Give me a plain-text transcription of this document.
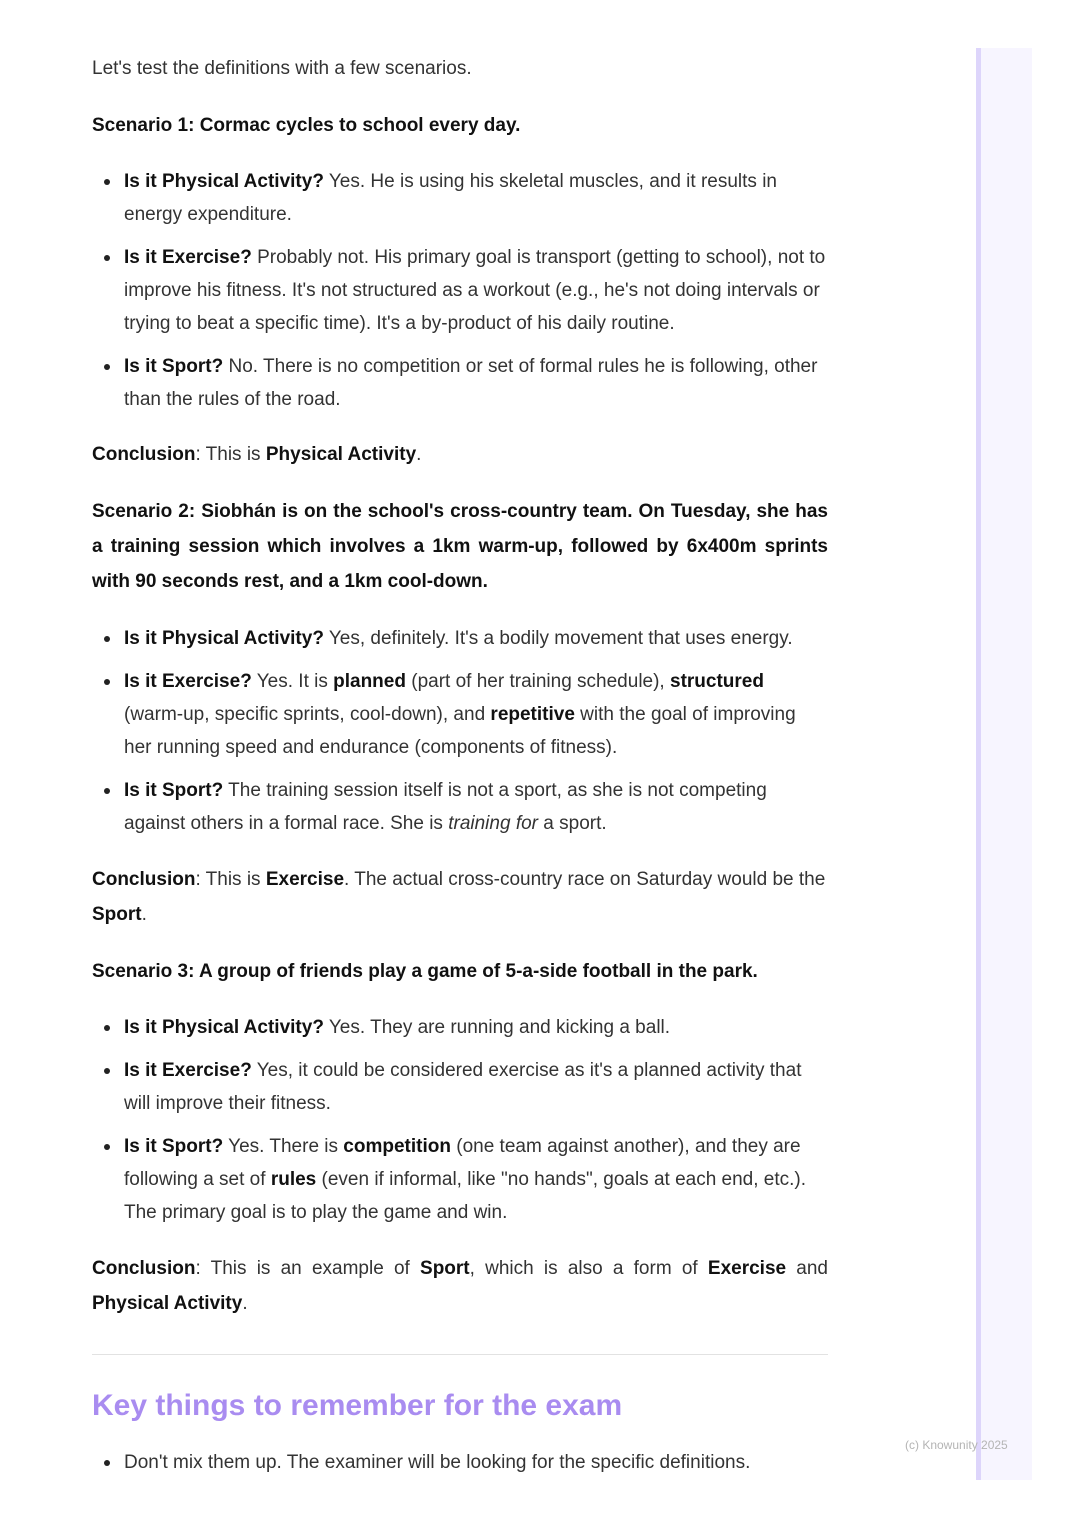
Let's test the definitions with a few scenarios.

Scenario 1: Cormac cycles to school every day.

Is it Physical Activity? Yes. He is using his skeletal muscles, and it results in energy expenditure.
Is it Exercise? Probably not. His primary goal is transport (getting to school), not to improve his fitness. It's not structured as a workout (e.g., he's not doing intervals or trying to beat a specific time). It's a by-product of his daily routine.
Is it Sport? No. There is no competition or set of formal rules he is following, other than the rules of the road.

Conclusion: This is Physical Activity.

Scenario 2: Siobhán is on the school's cross-country team. On Tuesday, she has a training session which involves a 1km warm-up, followed by 6x400m sprints with 90 seconds rest, and a 1km cool-down.

Is it Physical Activity? Yes, definitely. It's a bodily movement that uses energy.
Is it Exercise? Yes. It is planned (part of her training schedule), structured (warm-up, specific sprints, cool-down), and repetitive with the goal of improving her running speed and endurance (components of fitness).
Is it Sport? The training session itself is not a sport, as she is not competing against others in a formal race. She is training for a sport.

Conclusion: This is Exercise. The actual cross-country race on Saturday would be the Sport.

Scenario 3: A group of friends play a game of 5-a-side football in the park.

Is it Physical Activity? Yes. They are running and kicking a ball.
Is it Exercise? Yes, it could be considered exercise as it's a planned activity that will improve their fitness.
Is it Sport? Yes. There is competition (one team against another), and they are following a set of rules (even if informal, like "no hands", goals at each end, etc.). The primary goal is to play the game and win.

Conclusion: This is an example of Sport, which is also a form of Exercise and Physical Activity.

Key things to remember for the exam
Don't mix them up. The examiner will be looking for the specific definitions.
(c) Knowunity 2025
